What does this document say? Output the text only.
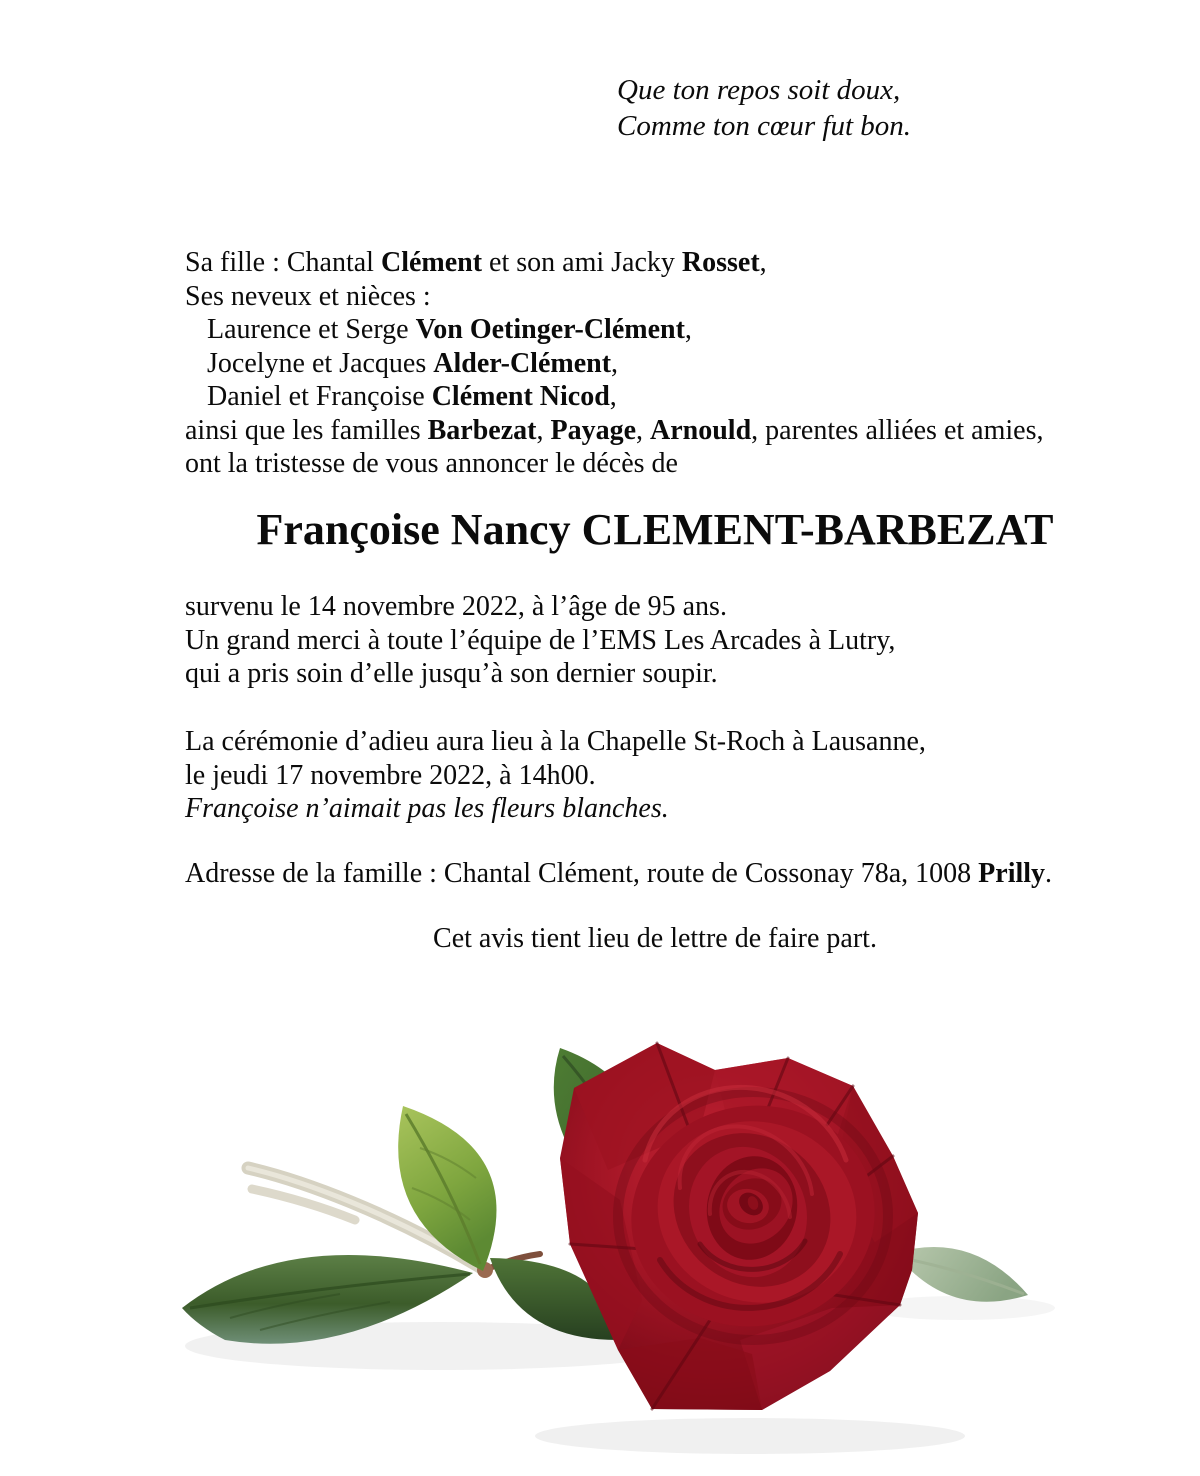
Que ton repos soit doux,
Comme ton cœur fut bon.
Sa fille : Chantal Clément et son ami Jacky Rosset,
Ses neveux et nièces :
Laurence et Serge Von Oetinger-Clément,
Jocelyne et Jacques Alder-Clément,
Daniel et Françoise Clément Nicod,
ainsi que les familles Barbezat, Payage, Arnould, parentes alliées et amies,
ont la tristesse de vous annoncer le décès de
Françoise Nancy CLEMENT-BARBEZAT
survenu le 14 novembre 2022, à l’âge de 95 ans.
Un grand merci à toute l’équipe de l’EMS Les Arcades à Lutry,
qui a pris soin d’elle jusqu’à son dernier soupir.
La cérémonie d’adieu aura lieu à la Chapelle St-Roch à Lausanne,
le jeudi 17 novembre 2022, à 14h00.
Françoise n’aimait pas les fleurs blanches.
Adresse de la famille : Chantal Clément, route de Cossonay 78a, 1008 Prilly.
Cet avis tient lieu de lettre de faire part.
